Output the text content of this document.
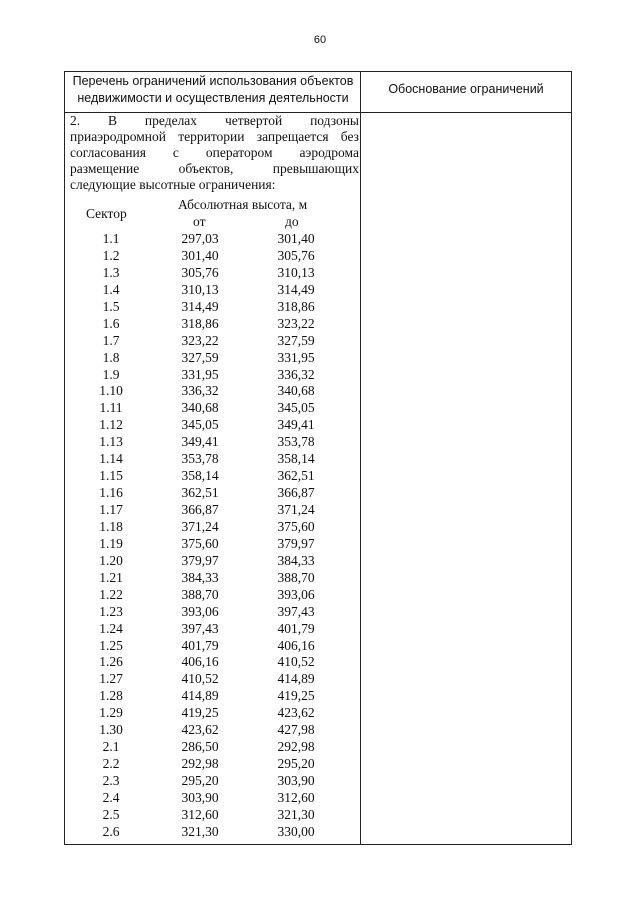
60
Перечень ограничений использования объектов
недвижимости и осуществления деятельности
Обоснование ограничений
2. В пределах четвертой подзоны
приаэродромной территории запрещается без
согласования с оператором аэродрома
размещение объектов, превышающих
следующие высотные ограничения:
Сектор
Абсолютная высота, м
от	до
1.1	297,03	301,40
1.2	301,40	305,76
1.3	305,76	310,13
1.4	310,13	314,49
1.5	314,49	318,86
1.6	318,86	323,22
1.7	323,22	327,59
1.8	327,59	331,95
1.9	331,95	336,32
1.10	336,32	340,68
1.11	340,68	345,05
1.12	345,05	349,41
1.13	349,41	353,78
1.14	353,78	358,14
1.15	358,14	362,51
1.16	362,51	366,87
1.17	366,87	371,24
1.18	371,24	375,60
1.19	375,60	379,97
1.20	379,97	384,33
1.21	384,33	388,70
1.22	388,70	393,06
1.23	393,06	397,43
1.24	397,43	401,79
1.25	401,79	406,16
1.26	406,16	410,52
1.27	410,52	414,89
1.28	414,89	419,25
1.29	419,25	423,62
1.30	423,62	427,98
2.1	286,50	292,98
2.2	292,98	295,20
2.3	295,20	303,90
2.4	303,90	312,60
2.5	312,60	321,30
2.6	321,30	330,00
